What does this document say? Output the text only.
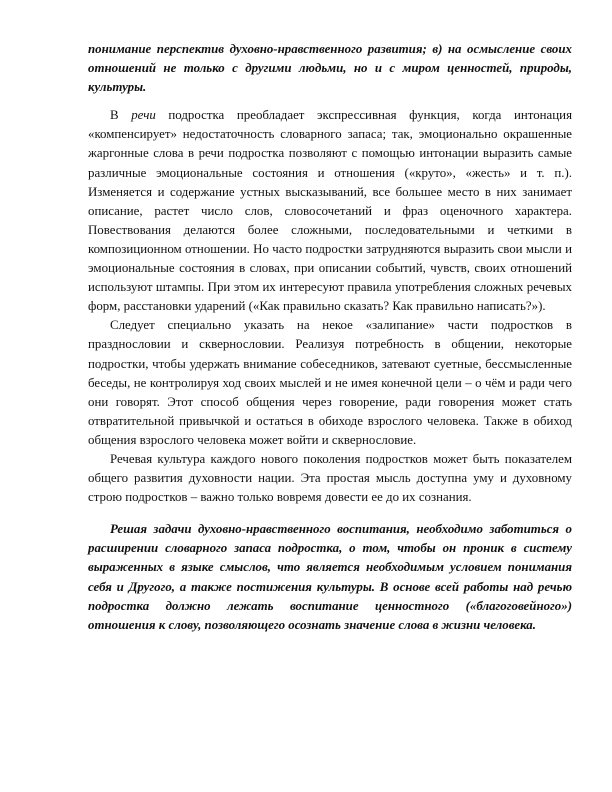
понимание перспектив духовно-нравственного развития; в) на осмысление своих отношений не только с другими людьми, но и с миром ценностей, природы, культуры.

В речи подростка преобладает экспрессивная функция, когда интонация «компенсирует» недостаточность словарного запаса; так, эмоционально окрашенные жаргонные слова в речи подростка позволяют с помощью интонации выразить самые различные эмоциональные состояния и отношения («круто», «жесть» и т. п.). Изменяется и содержание устных высказываний, все большее место в них занимает описание, растет число слов, словосочетаний и фраз оценочного характера. Повествования делаются более сложными, последовательными и четкими в композиционном отношении. Но часто подростки затрудняются выразить свои мысли и эмоциональные состояния в словах, при описании событий, чувств, своих отношений используют штампы. При этом их интересуют правила употребления сложных речевых форм, расстановки ударений («Как правильно сказать? Как правильно написать?»).

Следует специально указать на некое «залипание» части подростков в празднословии и сквернословии. Реализуя потребность в общении, некоторые подростки, чтобы удержать внимание собеседников, затевают суетные, бессмысленные беседы, не контролируя ход своих мыслей и не имея конечной цели – о чём и ради чего они говорят. Этот способ общения через говорение, ради говорения может стать отвратительной привычкой и остаться в обиходе взрослого человека. Также в обиход общения взрослого человека может войти и сквернословие.

Речевая культура каждого нового поколения подростков может быть показателем общего развития духовности нации. Эта простая мысль доступна уму и духовному строю подростков – важно только вовремя довести ее до их сознания.

Решая задачи духовно-нравственного воспитания, необходимо заботиться о расширении словарного запаса подростка, о том, чтобы он проник в систему выраженных в языке смыслов, что является необходимым условием понимания себя и Другого, а также постижения культуры. В основе всей работы над речью подростка должно лежать воспитание ценностного («благоговейного») отношения к слову, позволяющего осознать значение слова в жизни человека.
